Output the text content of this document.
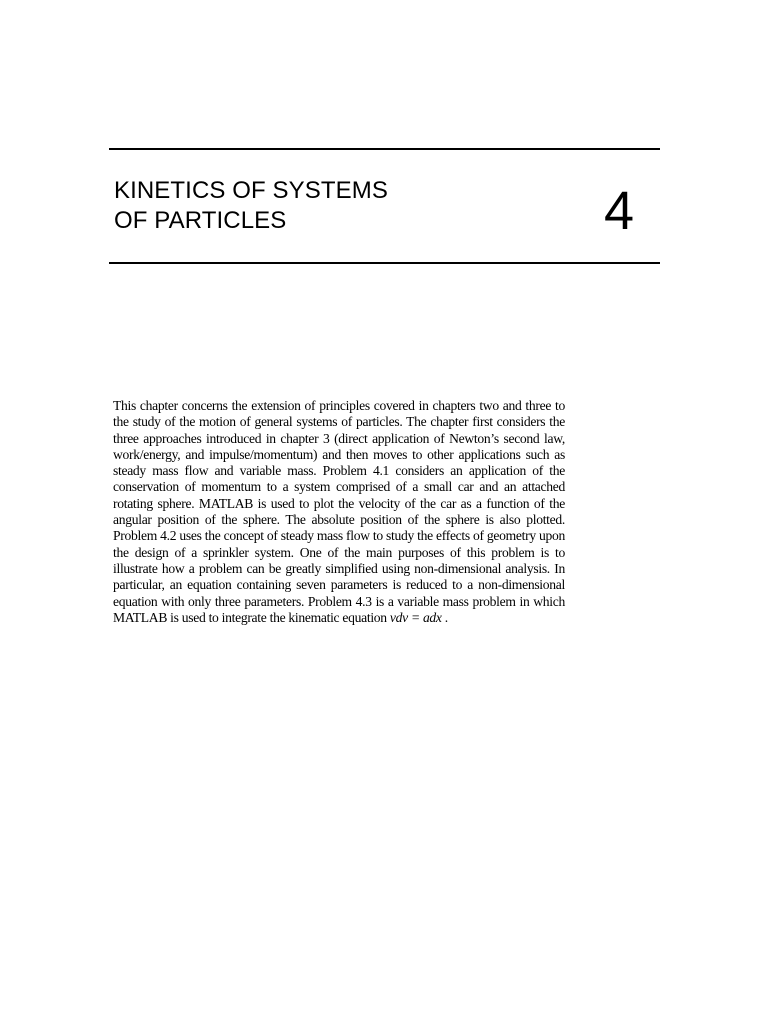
KINETICS OF SYSTEMS
OF PARTICLES	4

This chapter concerns the extension of principles covered in chapters two and three to the study of the motion of general systems of particles. The chapter first considers the three approaches introduced in chapter 3 (direct application of Newton’s second law, work/energy, and impulse/momentum) and then moves to other applications such as steady mass flow and variable mass. Problem 4.1 considers an application of the conservation of momentum to a system comprised of a small car and an attached rotating sphere. MATLAB is used to plot the velocity of the car as a function of the angular position of the sphere. The absolute position of the sphere is also plotted. Problem 4.2 uses the concept of steady mass flow to study the effects of geometry upon the design of a sprinkler system. One of the main purposes of this problem is to illustrate how a problem can be greatly simplified using non-dimensional analysis. In particular, an equation containing seven parameters is reduced to a non-dimensional equation with only three parameters. Problem 4.3 is a variable mass problem in which MATLAB is used to integrate the kinematic equation vdv = adx .
